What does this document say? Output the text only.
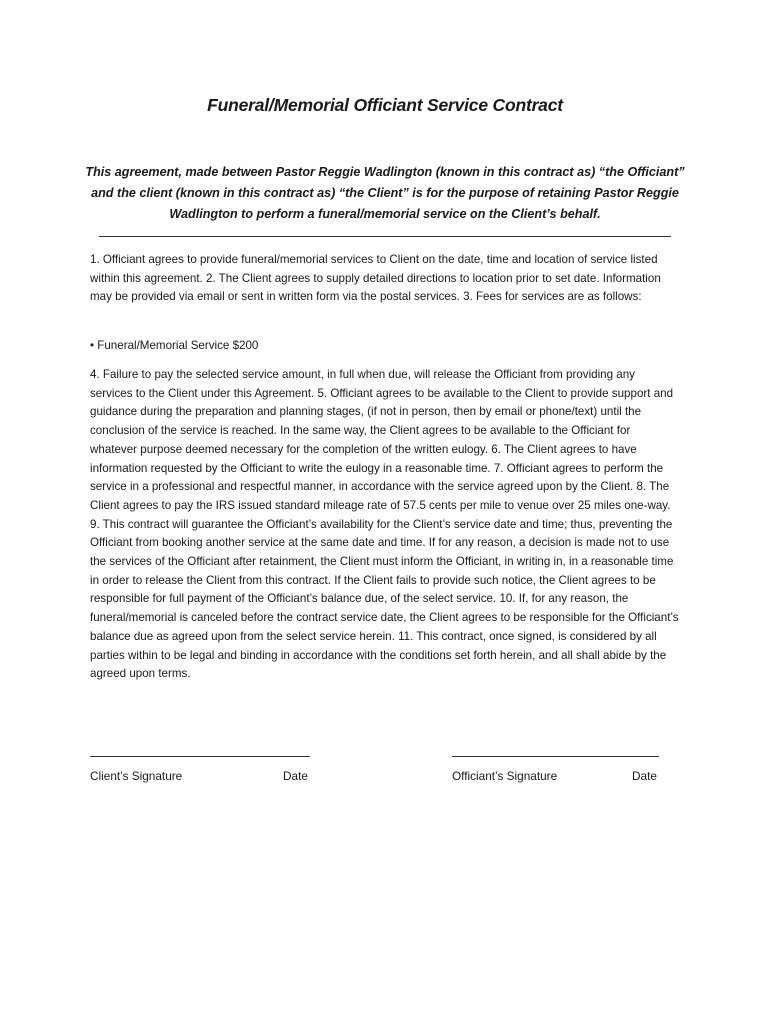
Funeral/Memorial Officiant Service Contract
This agreement, made between Pastor Reggie Wadlington (known in this contract as) “the Officiant” and the client (known in this contract as) “the Client” is for the purpose of retaining Pastor Reggie Wadlington to perform a funeral/memorial service on the Client’s behalf.

1. Officiant agrees to provide funeral/memorial services to Client on the date, time and location of service listed within this agreement. 2. The Client agrees to supply detailed directions to location prior to set date. Information may be provided via email or sent in written form via the postal services. 3. Fees for services are as follows:

• Funeral/Memorial Service $200

4. Failure to pay the selected service amount, in full when due, will release the Officiant from providing any services to the Client under this Agreement. 5. Officiant agrees to be available to the Client to provide support and guidance during the preparation and planning stages, (if not in person, then by email or phone/text) until the conclusion of the service is reached. In the same way, the Client agrees to be available to the Officiant for whatever purpose deemed necessary for the completion of the written eulogy. 6. The Client agrees to have information requested by the Officiant to write the eulogy in a reasonable time. 7. Officiant agrees to perform the service in a professional and respectful manner, in accordance with the service agreed upon by the Client. 8. The Client agrees to pay the IRS issued standard mileage rate of 57.5 cents per mile to venue over 25 miles one-way. 9. This contract will guarantee the Officiant’s availability for the Client’s service date and time; thus, preventing the Officiant from booking another service at the same date and time. If for any reason, a decision is made not to use the services of the Officiant after retainment, the Client must inform the Officiant, in writing in, in a reasonable time in order to release the Client from this contract. If the Client fails to provide such notice, the Client agrees to be responsible for full payment of the Officiant’s balance due, of the select service. 10. If, for any reason, the funeral/memorial is canceled before the contract service date, the Client agrees to be responsible for the Officiant’s balance due as agreed upon from the select service herein. 11. This contract, once signed, is considered by all parties within to be legal and binding in accordance with the conditions set forth herein, and all shall abide by the agreed upon terms.

Client’s Signature	Date	Officiant’s Signature	Date
